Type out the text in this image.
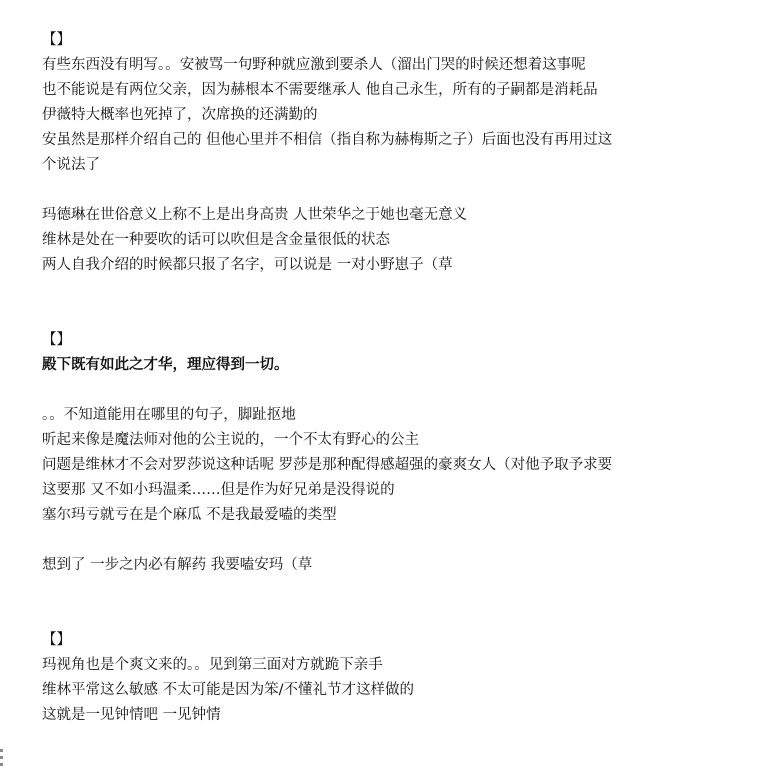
【】
有些东西没有明写。。安被骂一句野种就应激到要杀人（溜出门哭的时候还想着这事呢
也不能说是有两位父亲，因为赫根本不需要继承人 他自己永生，所有的子嗣都是消耗品
伊薇特大概率也死掉了，次席换的还满勤的
安虽然是那样介绍自己的 但他心里并不相信（指自称为赫梅斯之子）后面也没有再用过这
个说法了
玛德琳在世俗意义上称不上是出身高贵 人世荣华之于她也毫无意义
维林是处在一种要吹的话可以吹但是含金量很低的状态
两人自我介绍的时候都只报了名字，可以说是 一对小野崽子（草
【】
殿下既有如此之才华，理应得到一切。
。。不知道能用在哪里的句子，脚趾抠地
听起来像是魔法师对他的公主说的，一个不太有野心的公主
问题是维林才不会对罗莎说这种话呢 罗莎是那种配得感超强的豪爽女人（对他予取予求要
这要那 又不如小玛温柔……但是作为好兄弟是没得说的
塞尔玛亏就亏在是个麻瓜 不是我最爱嗑的类型
想到了 一步之内必有解药 我要嗑安玛（草
【】
玛视角也是个爽文来的。。见到第三面对方就跪下亲手
维林平常这么敏感 不太可能是因为笨/不懂礼节才这样做的
这就是一见钟情吧 一见钟情
